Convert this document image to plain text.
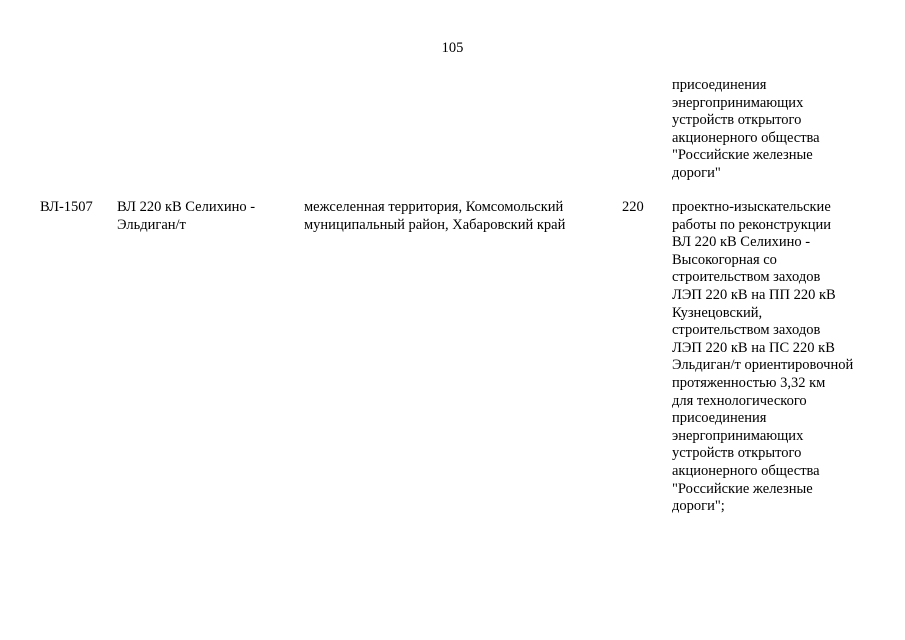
105
присоединения
энергопринимающих
устройств открытого
акционерного общества
"Российские железные
дороги"
ВЛ-1507 ВЛ 220 кВ Селихино -
Эльдиган/т
межселенная территория, Комсомольский
муниципальный район, Хабаровский край
220 проектно-изыскательские
работы по реконструкции
ВЛ 220 кВ Селихино -
Высокогорная со
строительством заходов
ЛЭП 220 кВ на ПП 220 кВ
Кузнецовский,
строительством заходов
ЛЭП 220 кВ на ПС 220 кВ
Эльдиган/т ориентировочной
протяженностью 3,32 км
для технологического
присоединения
энергопринимающих
устройств открытого
акционерного общества
"Российские железные
дороги";
